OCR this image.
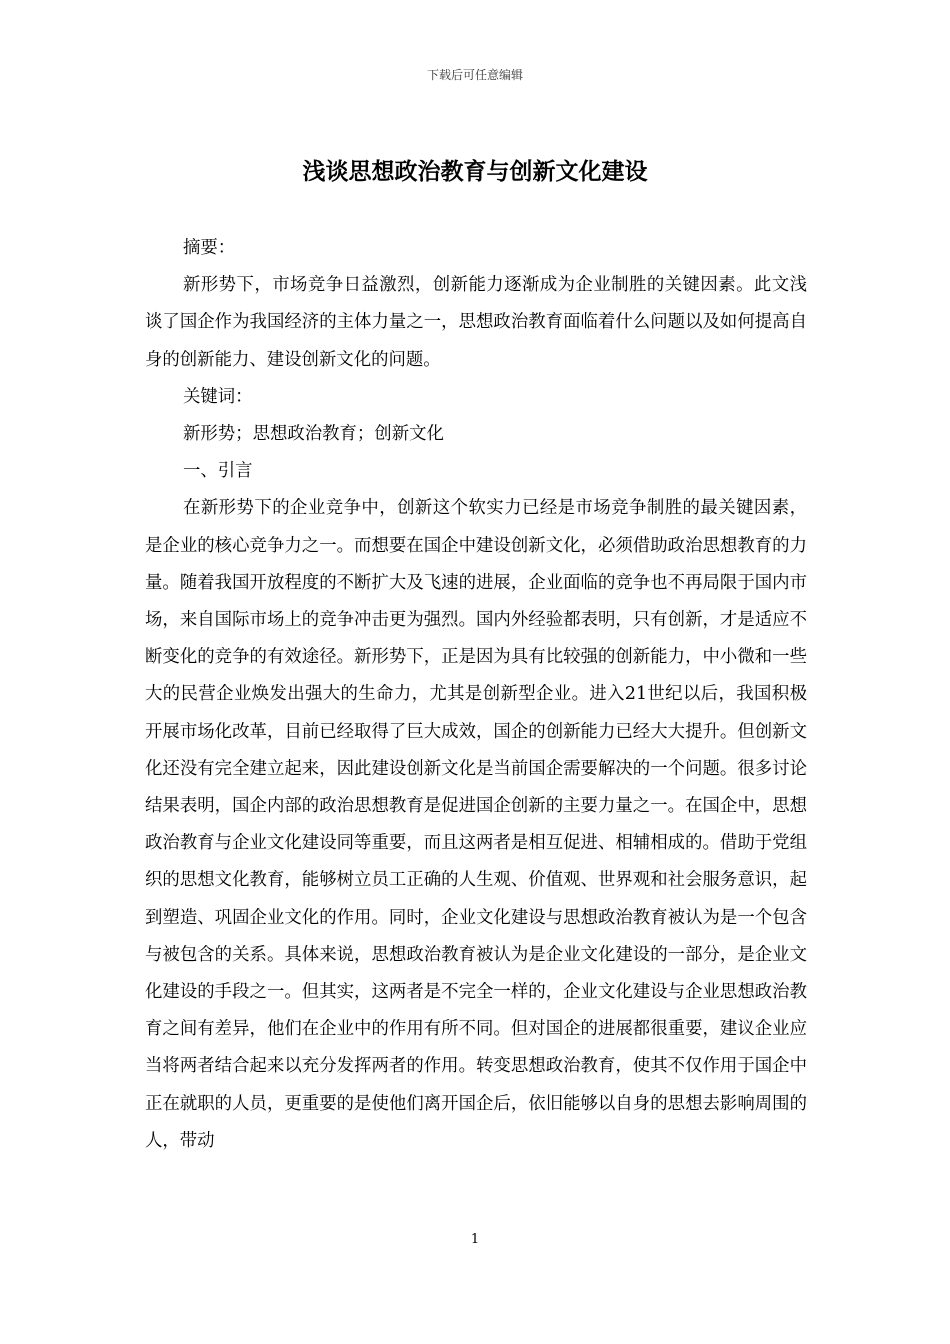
下载后可任意编辑
浅谈思想政治教育与创新文化建设

摘要：

新形势下，市场竞争日益激烈，创新能力逐渐成为企业制胜的关键因素。此文浅谈了国企作为我国经济的主体力量之一，思想政治教育面临着什么问题以及如何提高自身的创新能力、建设创新文化的问题。

关键词：

新形势；思想政治教育；创新文化

一、引言

在新形势下的企业竞争中，创新这个软实力已经是市场竞争制胜的最关键因素，是企业的核心竞争力之一。而想要在国企中建设创新文化，必须借助政治思想教育的力量。随着我国开放程度的不断扩大及飞速的进展，企业面临的竞争也不再局限于国内市场，来自国际市场上的竞争冲击更为强烈。国内外经验都表明，只有创新，才是适应不断变化的竞争的有效途径。新形势下，正是因为具有比较强的创新能力，中小微和一些大的民营企业焕发出强大的生命力，尤其是创新型企业。进入21世纪以后，我国积极开展市场化改革，目前已经取得了巨大成效，国企的创新能力已经大大提升。但创新文化还没有完全建立起来，因此建设创新文化是当前国企需要解决的一个问题。很多讨论结果表明，国企内部的政治思想教育是促进国企创新的主要力量之一。在国企中，思想政治教育与企业文化建设同等重要，而且这两者是相互促进、相辅相成的。借助于党组织的思想文化教育，能够树立员工正确的人生观、价值观、世界观和社会服务意识，起到塑造、巩固企业文化的作用。同时，企业文化建设与思想政治教育被认为是一个包含与被包含的关系。具体来说，思想政治教育被认为是企业文化建设的一部分，是企业文化建设的手段之一。但其实，这两者是不完全一样的，企业文化建设与企业思想政治教育之间有差异，他们在企业中的作用有所不同。但对国企的进展都很重要，建议企业应当将两者结合起来以充分发挥两者的作用。转变思想政治教育，使其不仅作用于国企中正在就职的人员，更重要的是使他们离开国企后，依旧能够以自身的思想去影响周围的人，带动

1
